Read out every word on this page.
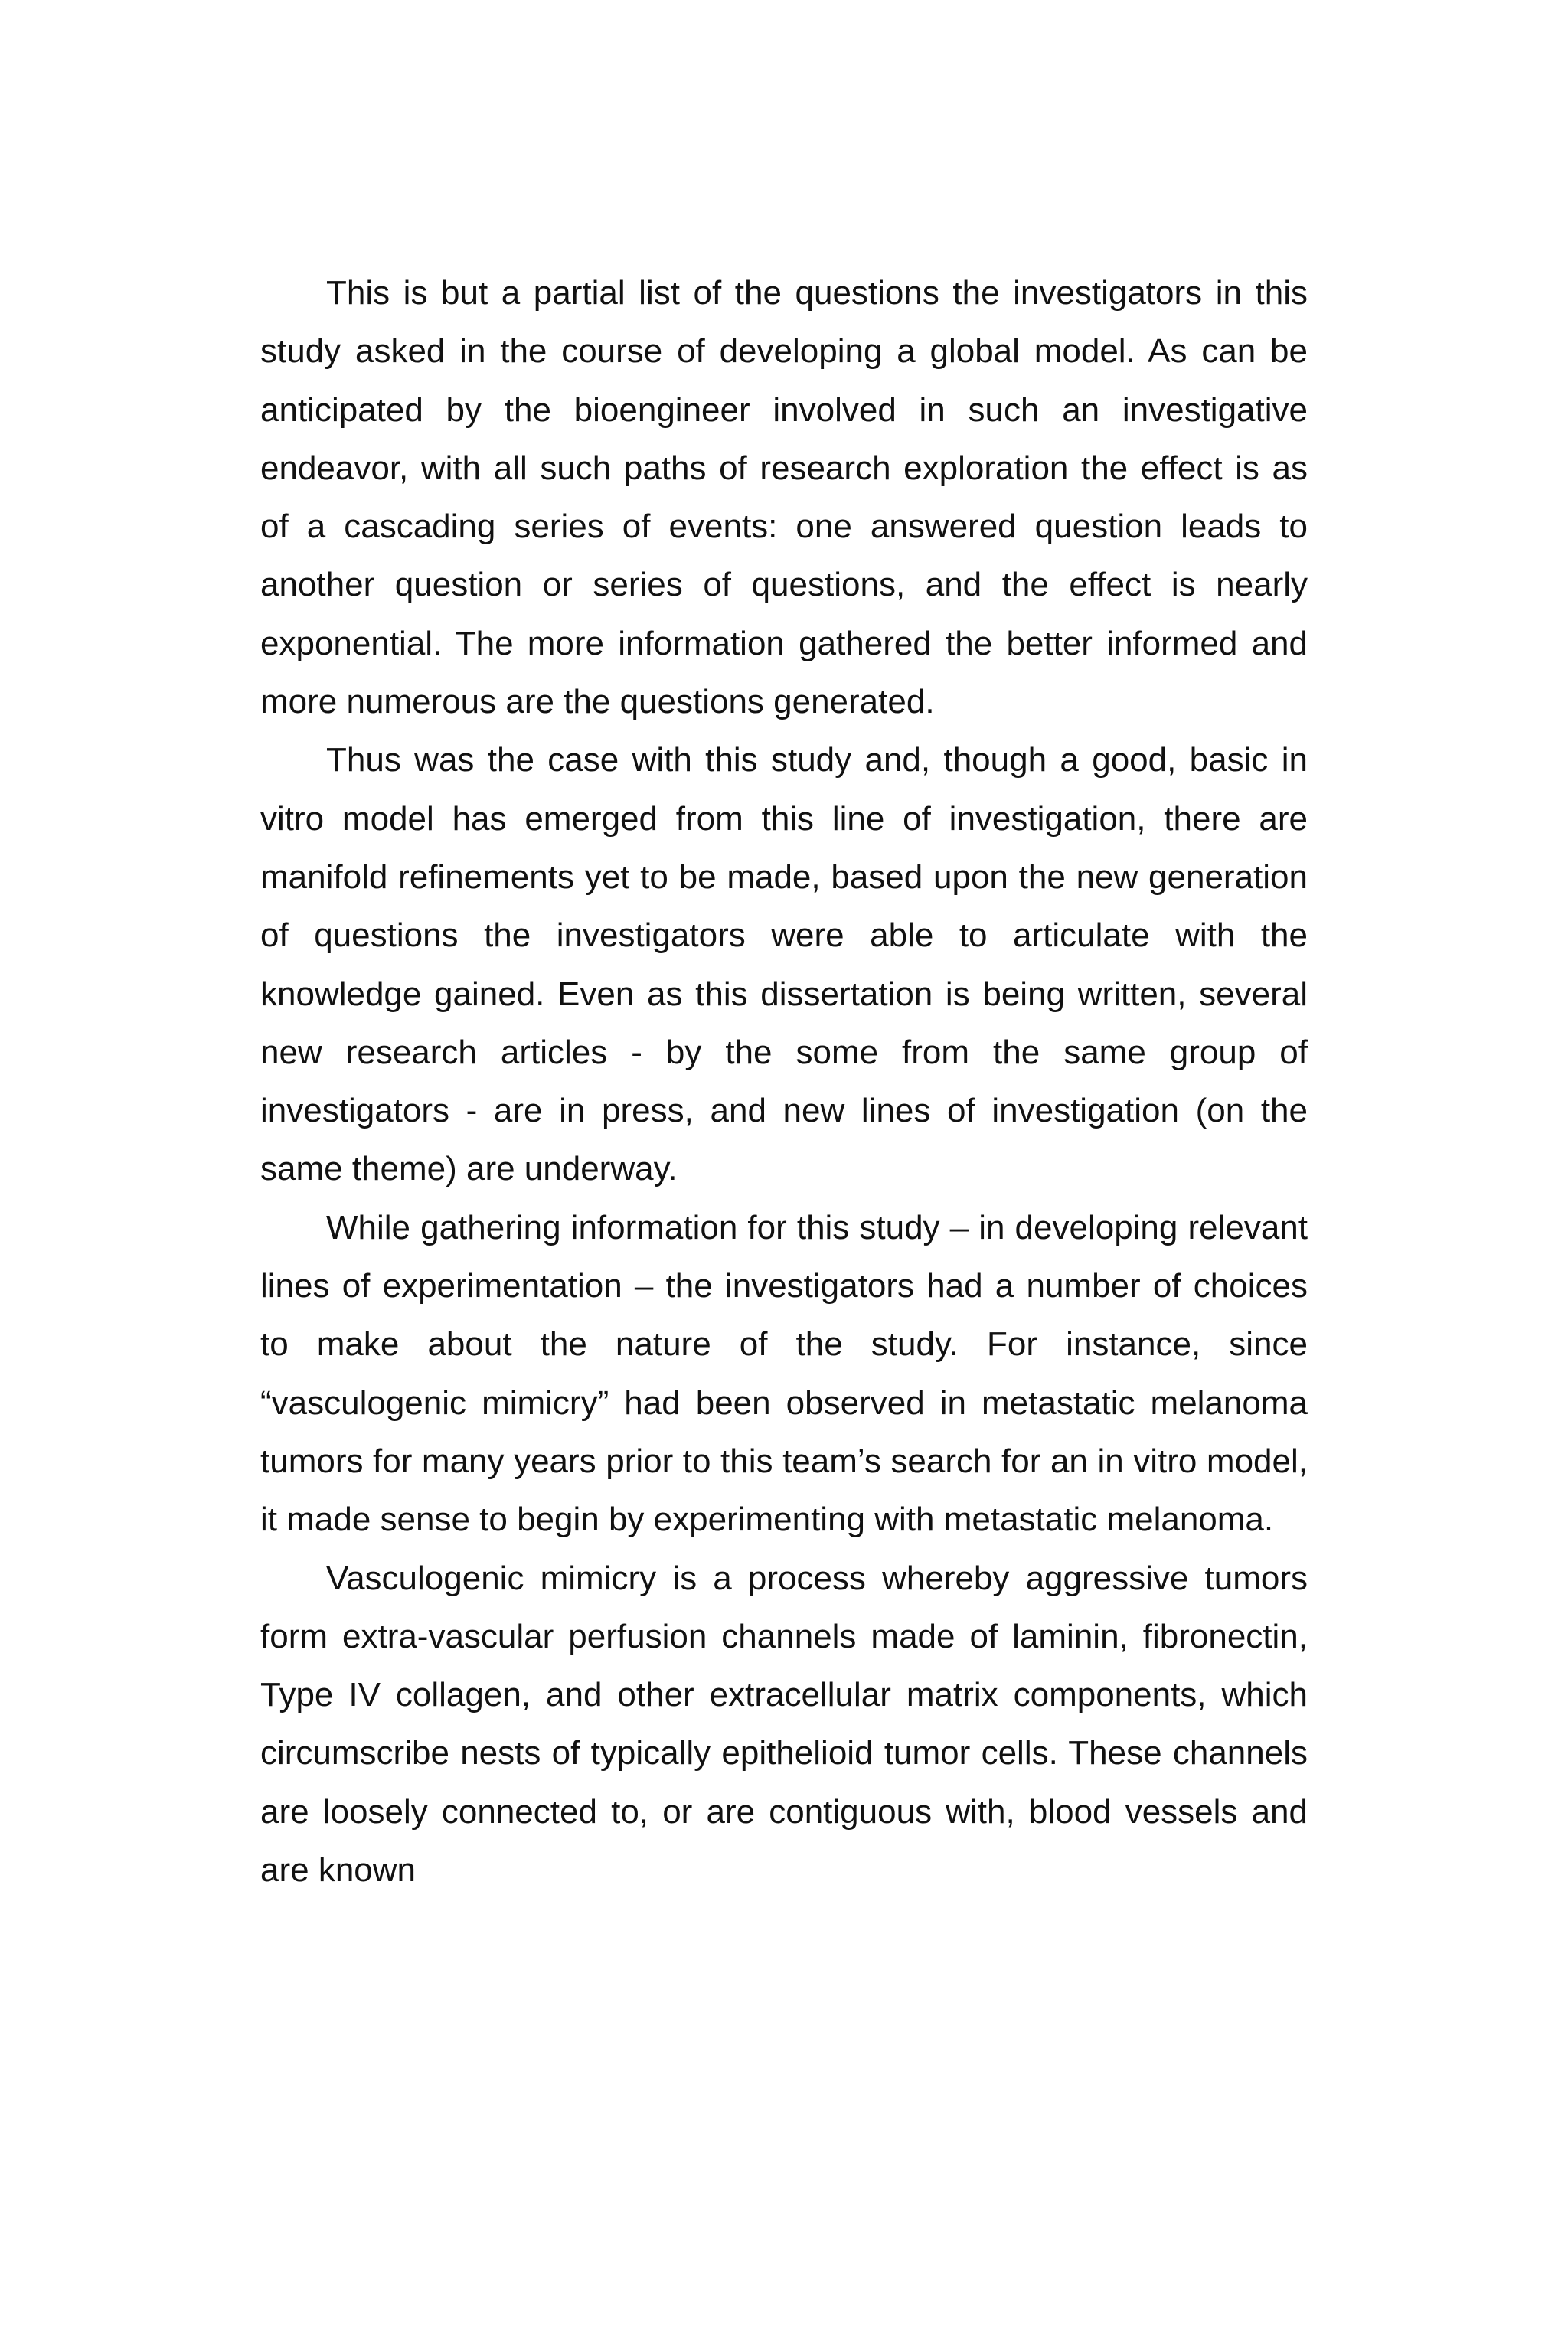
This is but a partial list of the questions the investigators in this study asked in the course of developing a global model. As can be anticipated by the bioengineer involved in such an investigative endeavor, with all such paths of research exploration the effect is as of a cascading series of events: one answered question leads to another question or series of questions, and the effect is nearly exponential. The more information gathered the better informed and more numerous are the questions generated.

Thus was the case with this study and, though a good, basic in vitro model has emerged from this line of investigation, there are manifold refinements yet to be made, based upon the new generation of questions the investigators were able to articulate with the knowledge gained. Even as this dissertation is being written, several new research articles - by the some from the same group of investigators - are in press, and new lines of investigation (on the same theme) are underway.

While gathering information for this study – in developing relevant lines of experimentation – the investigators had a number of choices to make about the nature of the study. For instance, since “vasculogenic mimicry” had been observed in metastatic melanoma tumors for many years prior to this team’s search for an in vitro model, it made sense to begin by experimenting with metastatic melanoma.

Vasculogenic mimicry is a process whereby aggressive tumors form extra-vascular perfusion channels made of laminin, fibronectin, Type IV collagen, and other extracellular matrix components, which circumscribe nests of typically epithelioid tumor cells. These channels are loosely connected to, or are contiguous with, blood vessels and are known
